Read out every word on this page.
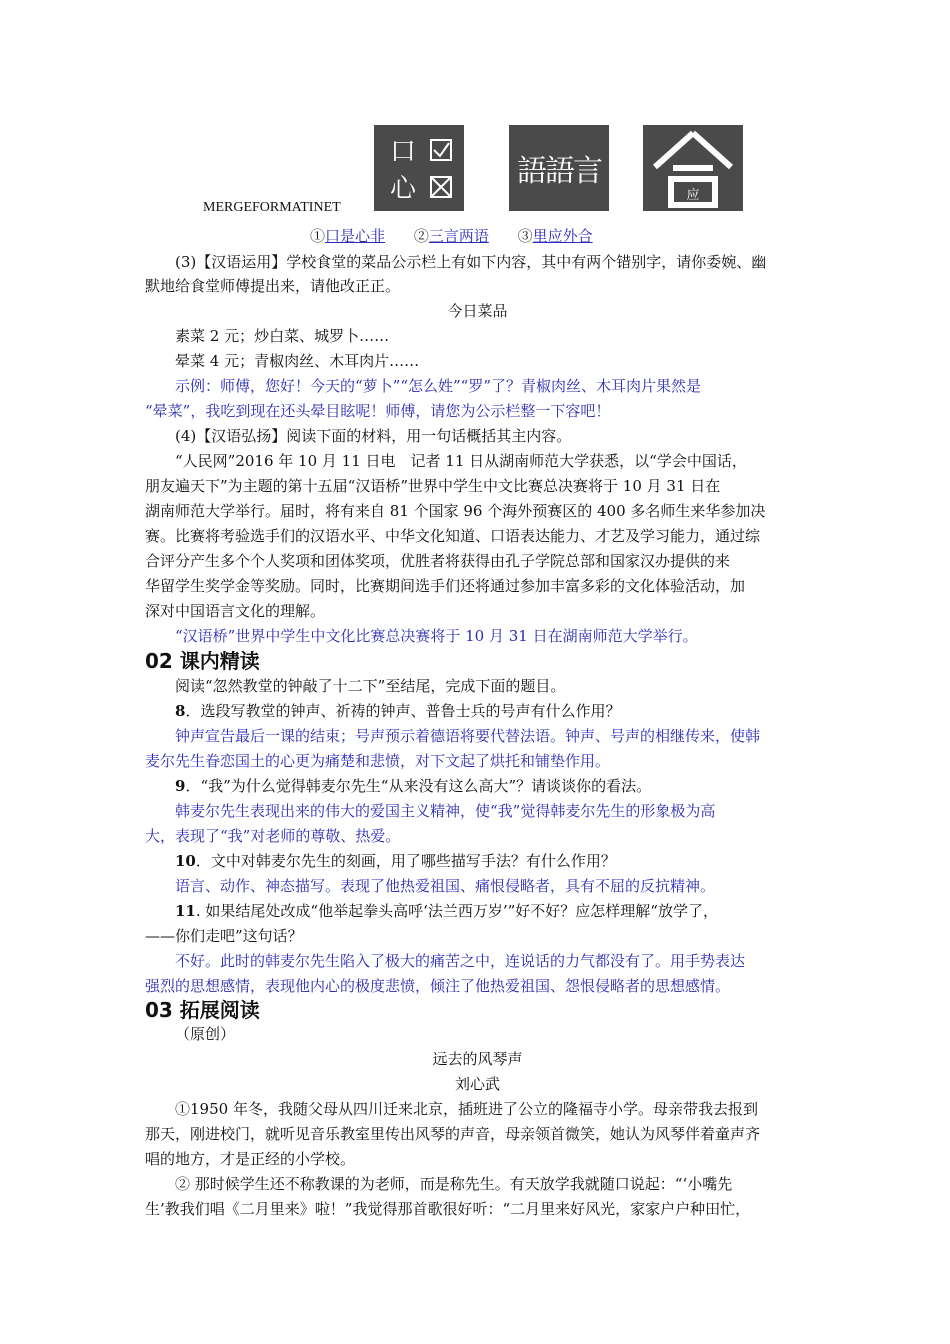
口
心	語語言
应
MERGEFORMATINET
①口是心非 ②三言两语 ③里应外合
(3)【汉语运用】学校食堂的菜品公示栏上有如下内容，其中有两个错别字，请你委婉、幽
默地给食堂师傅提出来，请他改正正。
今日菜品
素菜 2 元；炒白菜、城罗卜……
晕菜 4 元；青椒肉丝、木耳肉片……
示例：师傅，您好！今天的“萝卜”“怎么姓”“罗”了？青椒肉丝、木耳肉片果然是
“晕菜”，我吃到现在还头晕目眩呢！师傅，请您为公示栏整一下容吧！
(4)【汉语弘扬】阅读下面的材料，用一句话概括其主内容。
“人民网”2016 年 10 月 11 日电　记者 11 日从湖南师范大学获悉，以“学会中国话，
朋友遍天下”为主题的第十五届“汉语桥”世界中学生中文比赛总决赛将于 10 月 31 日在
湖南师范大学举行。届时，将有来自 81 个国家 96 个海外预赛区的 400 多名师生来华参加决
赛。比赛将考验选手们的汉语水平、中华文化知道、口语表达能力、才艺及学习能力，通过综
合评分产生多个个人奖项和团体奖项，优胜者将获得由孔子学院总部和国家汉办提供的来
华留学生奖学金等奖励。同时，比赛期间选手们还将通过参加丰富多彩的文化体验活动，加
深对中国语言文化的理解。
“汉语桥”世界中学生中文化比赛总决赛将于 10 月 31 日在湖南师范大学举行。
02 课内精读
阅读“忽然教堂的钟敲了十二下”至结尾，完成下面的题目。
8．选段写教堂的钟声、祈祷的钟声、普鲁士兵的号声有什么作用？
钟声宣告最后一课的结束；号声预示着德语将要代替法语。钟声、号声的相继传来，使韩
麦尔先生眷恋国土的心更为痛楚和悲愤，对下文起了烘托和铺垫作用。
9．“我”为什么觉得韩麦尔先生“从来没有这么高大”？请谈谈你的看法。
韩麦尔先生表现出来的伟大的爱国主义精神，使“我”觉得韩麦尔先生的形象极为高
大，表现了“我”对老师的尊敬、热爱。
10．文中对韩麦尔先生的刻画，用了哪些描写手法？有什么作用？
语言、动作、神态描写。表现了他热爱祖国、痛恨侵略者，具有不屈的反抗精神。
11. 如果结尾处改成“他举起拳头高呼‘法兰西万岁’”好不好？应怎样理解“放学了，
——你们走吧”这句话？
不好。此时的韩麦尔先生陷入了极大的痛苦之中，连说话的力气都没有了。用手势表达
强烈的思想感情，表现他内心的极度悲愤，倾注了他热爱祖国、怨恨侵略者的思想感情。
03 拓展阅读
（原创）
远去的风琴声
刘心武
①1950 年冬，我随父母从四川迁来北京，插班进了公立的隆福寺小学。母亲带我去报到
那天，刚进校门，就听见音乐教室里传出风琴的声音，母亲领首微笑，她认为风琴伴着童声齐
唱的地方，才是正经的小学校。
② 那时候学生还不称教课的为老师，而是称先生。有天放学我就随口说起：“‘小嘴先
生’教我们唱《二月里来》啦！”我觉得那首歌很好听：“二月里来好风光，家家户户种田忙，
